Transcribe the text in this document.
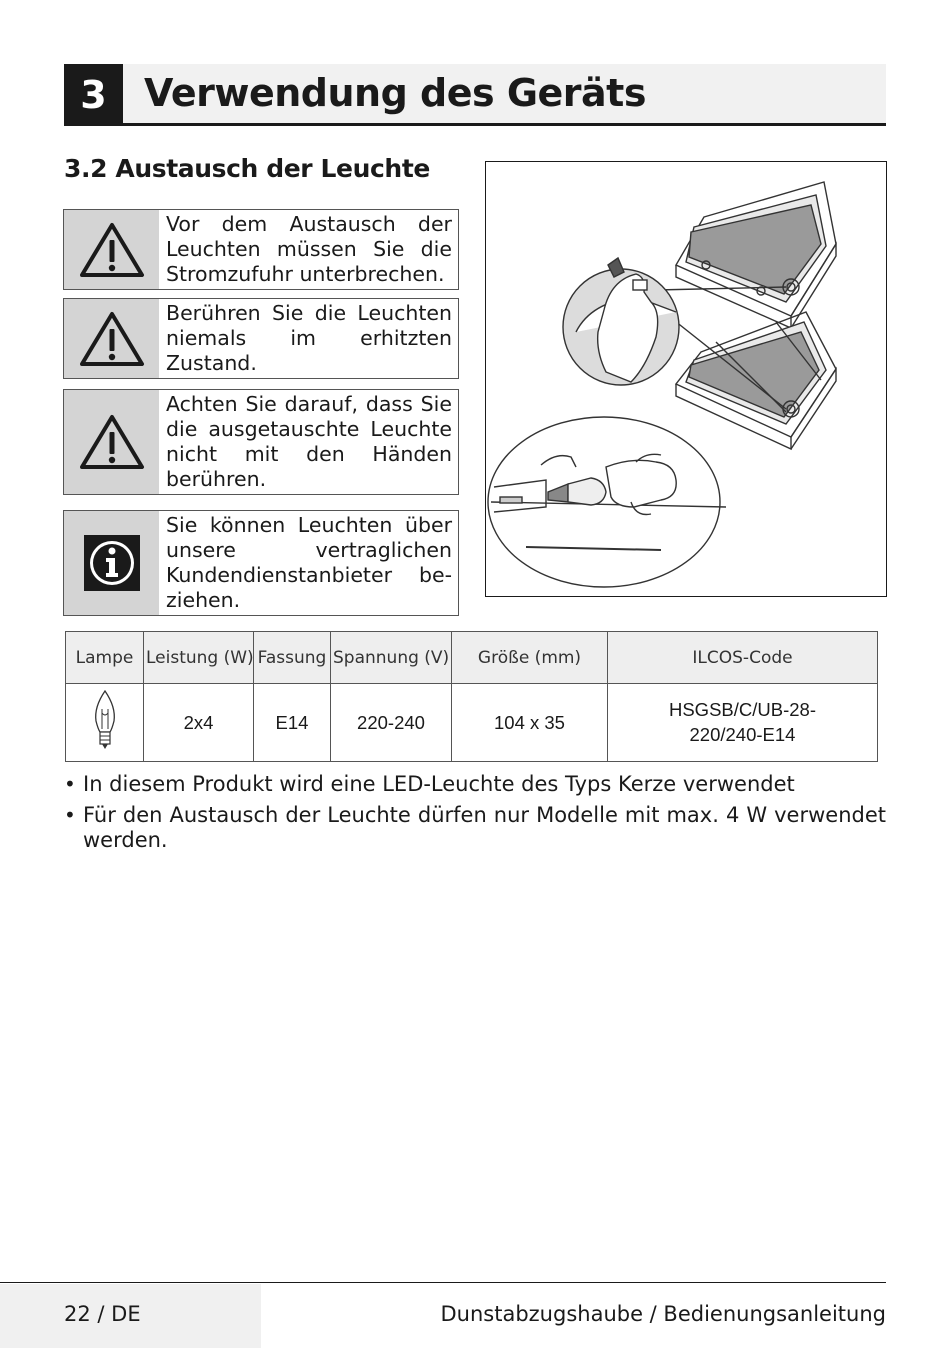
3 Verwendung des Geräts
3.2 Austausch der Leuchte
Vor dem Austausch der Leuchten müssen Sie die Stromzufuhr unterbrechen.
Berühren Sie die Leuchten niemals im erhitzten Zustand.
Achten Sie darauf, dass Sie die ausgetauschte Leuchte nicht mit den Händen berühren.
Sie können Leuchten über unsere vertraglichen Kundendienstanbieter be-ziehen.
Lampe	Leistung (W)	Fassung	Spannung (V)	Größe (mm)	ILCOS-Code
	2x4	E14	220-240	104 x 35	HSGSB/C/UB-28-
220/240-E14
• In diesem Produkt wird eine LED-Leuchte des Typs Kerze verwendet
• Für den Austausch der Leuchte dürfen nur Modelle mit max. 4 W verwendet werden.
22 / DE	Dunstabzugshaube / Bedienungsanleitung
